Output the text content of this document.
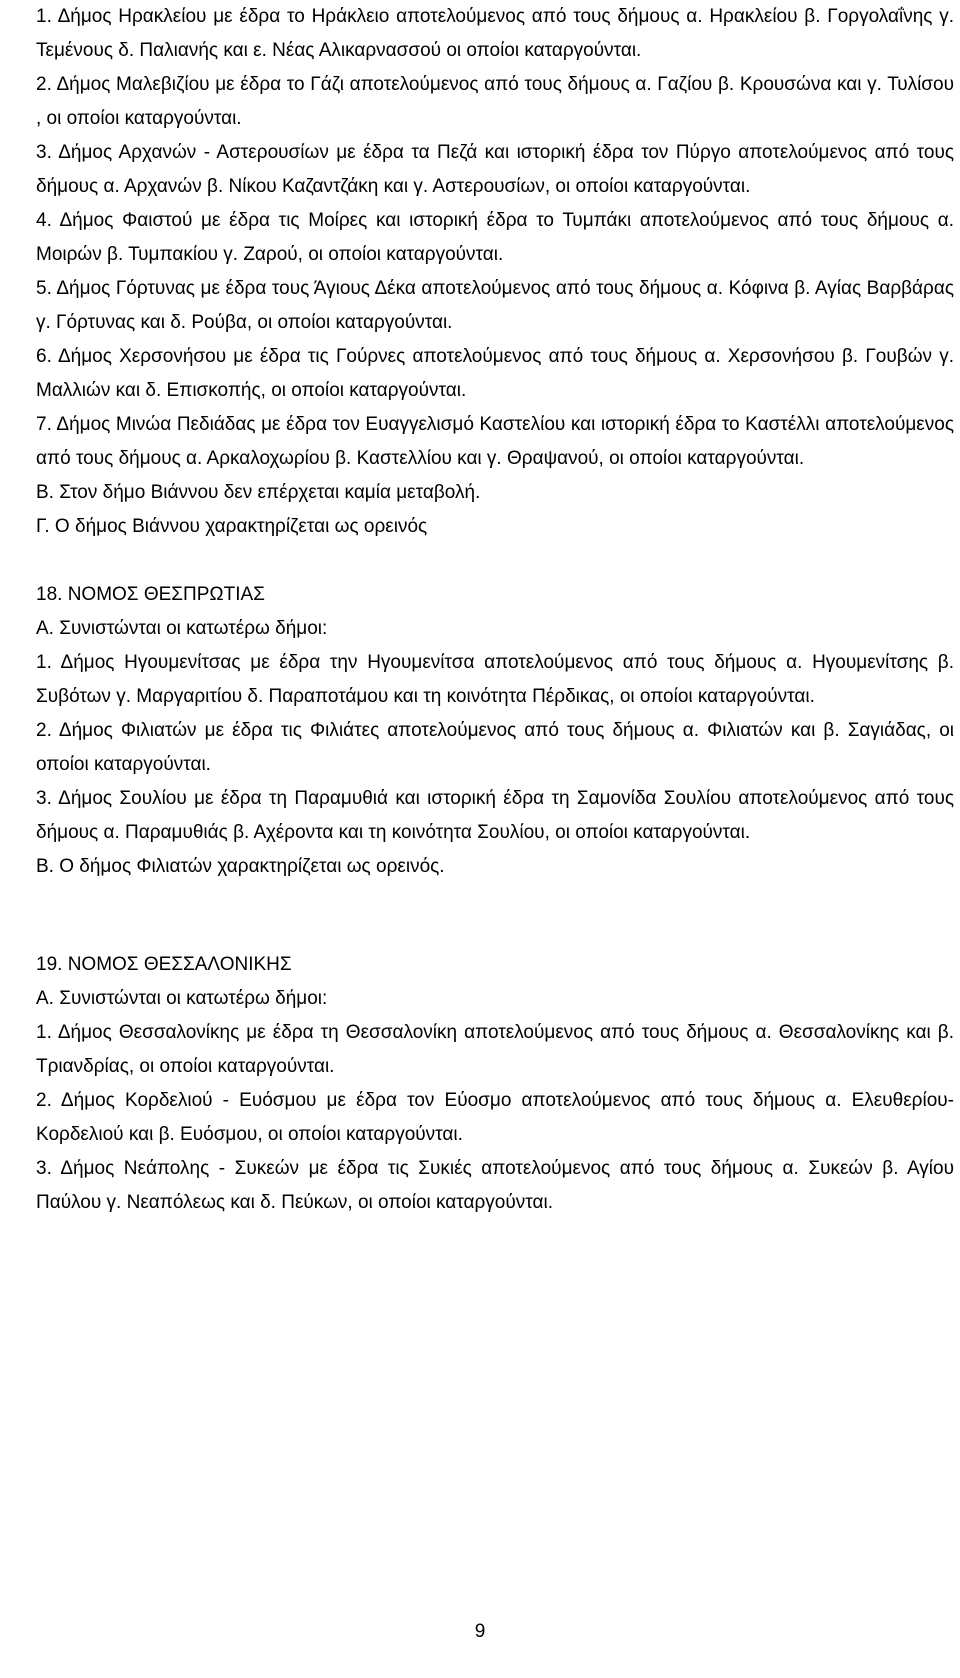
1. Δήμος Ηρακλείου με έδρα το Ηράκλειο αποτελούμενος από τους δήμους α. Ηρακλείου β. Γοργολαΐνης γ. Τεμένους δ. Παλιανής και ε. Νέας Αλικαρνασσού οι οποίοι καταργούνται.

2. Δήμος Μαλεβιζίου με έδρα το Γάζι αποτελούμενος από τους δήμους α. Γαζίου β. Κρουσώνα και γ. Τυλίσου , οι οποίοι καταργούνται.

3. Δήμος Αρχανών - Αστερουσίων με έδρα τα Πεζά και ιστορική έδρα τον Πύργο αποτελούμενος από τους δήμους α. Αρχανών β. Νίκου Καζαντζάκη και γ. Αστερουσίων, οι οποίοι καταργούνται.

4. Δήμος Φαιστού με έδρα τις Μοίρες και ιστορική έδρα το Τυμπάκι αποτελούμενος από τους δήμους α. Μοιρών β. Τυμπακίου γ. Ζαρού, οι οποίοι καταργούνται.

5. Δήμος Γόρτυνας με έδρα τους Άγιους Δέκα αποτελούμενος από τους δήμους α. Κόφινα β. Αγίας Βαρβάρας γ. Γόρτυνας και δ. Ρούβα, οι οποίοι καταργούνται.

6. Δήμος Χερσονήσου με έδρα τις Γούρνες αποτελούμενος από τους δήμους α. Χερσονήσου β. Γουβών γ. Μαλλιών και δ. Επισκοπής, οι οποίοι καταργούνται.

7. Δήμος Μινώα Πεδιάδας με έδρα τον Ευαγγελισμό Καστελίου και ιστορική έδρα το Καστέλλι αποτελούμενος από τους δήμους α. Αρκαλοχωρίου β. Καστελλίου και γ. Θραψανού, οι οποίοι καταργούνται.

Β. Στον δήμο Βιάννου δεν επέρχεται καμία μεταβολή.

Γ. Ο δήμος Βιάννου χαρακτηρίζεται ως ορεινός

18. ΝΟΜΟΣ ΘΕΣΠΡΩΤΙΑΣ

Α. Συνιστώνται οι κατωτέρω δήμοι:

1. Δήμος Ηγουμενίτσας με έδρα την Ηγουμενίτσα αποτελούμενος από τους δήμους α. Ηγουμενίτσης β. Συβότων γ. Μαργαριτίου δ. Παραποτάμου και τη κοινότητα Πέρδικας, οι οποίοι καταργούνται.

2. Δήμος Φιλιατών με έδρα τις Φιλιάτες αποτελούμενος από τους δήμους α. Φιλιατών και β. Σαγιάδας, οι οποίοι καταργούνται.

3. Δήμος Σουλίου με έδρα τη Παραμυθιά και ιστορική έδρα τη Σαμονίδα Σουλίου αποτελούμενος από τους δήμους α. Παραμυθιάς β. Αχέροντα και τη κοινότητα Σουλίου, οι οποίοι καταργούνται.

Β. Ο δήμος Φιλιατών χαρακτηρίζεται ως ορεινός.

19. ΝΟΜΟΣ ΘΕΣΣΑΛΟΝΙΚΗΣ

Α. Συνιστώνται οι κατωτέρω δήμοι:

1. Δήμος Θεσσαλονίκης με έδρα τη Θεσσαλονίκη αποτελούμενος από τους δήμους α. Θεσσαλονίκης και β. Τριανδρίας, οι οποίοι καταργούνται.

2. Δήμος Κορδελιού - Ευόσμου με έδρα τον Εύοσμο αποτελούμενος από τους δήμους α. Ελευθερίου-Κορδελιού και β. Ευόσμου, οι οποίοι καταργούνται.

3. Δήμος Νεάπολης - Συκεών με έδρα τις Συκιές αποτελούμενος από τους δήμους α. Συκεών β. Αγίου Παύλου γ. Νεαπόλεως και δ. Πεύκων, οι οποίοι καταργούνται.

9
